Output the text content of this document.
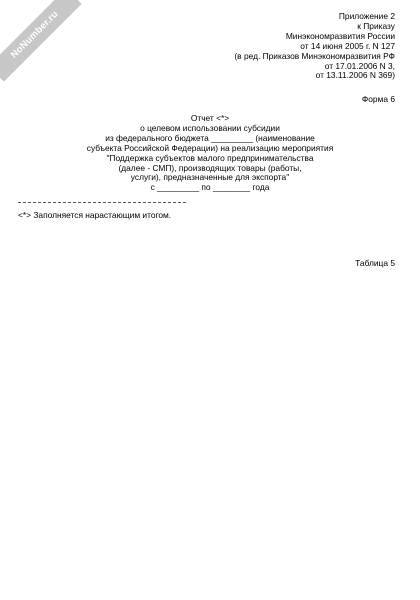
NoNumber.ru	Приложение 2
к Приказу
Минэкономразвития России
от 14 июня 2005 г. N 127
(в ред. Приказов Минэкономразвития РФ
от 17.01.2006 N 3,
от 13.11.2006 N 369)
Форма 6
Отчет <*>
о целевом использовании субсидии
из федерального бюджета _________ (наименование
субъекта Российской Федерации) на реализацию мероприятия
"Поддержка субъектов малого предпринимательства
(далее - СМП), производящих товары (работы,
услуги), предназначенные для экспорта"
с _________ по ________ года
<*> Заполняется нарастающим итогом.
Таблица 5
